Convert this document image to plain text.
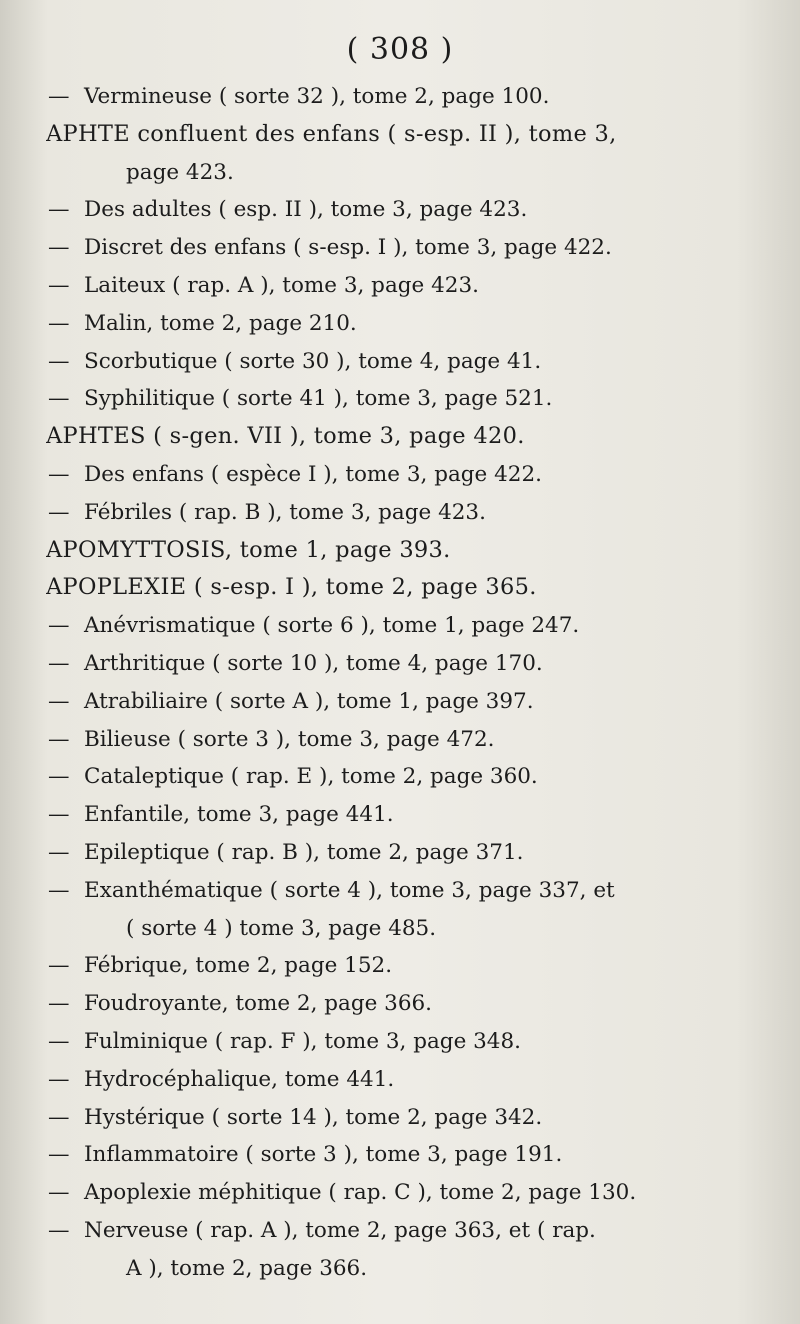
( 308 )
—Vermineuse ( sorte 32 ), tome 2, page 100.
APHTE confluent des enfans ( s-esp. II ), tome 3,
page 423.
—Des adultes ( esp. II ), tome 3, page 423.
—Discret des enfans ( s-esp. I ), tome 3, page 422.
—Laiteux ( rap. A ), tome 3, page 423.
—Malin, tome 2, page 210.
—Scorbutique ( sorte 30 ), tome 4, page 41.
—Syphilitique ( sorte 41 ), tome 3, page 521.
APHTES ( s-gen. VII ), tome 3, page 420.
—Des enfans ( espèce I ), tome 3, page 422.
—Fébriles ( rap. B ), tome 3, page 423.
APOMYTTOSIS, tome 1, page 393.
APOPLEXIE ( s-esp. I ), tome 2, page 365.
—Anévrismatique ( sorte 6 ), tome 1, page 247.
—Arthritique ( sorte 10 ), tome 4, page 170.
—Atrabiliaire ( sorte A ), tome 1, page 397.
—Bilieuse ( sorte 3 ), tome 3, page 472.
—Cataleptique ( rap. E ), tome 2, page 360.
—Enfantile, tome 3, page 441.
—Epileptique ( rap. B ), tome 2, page 371.
—Exanthématique ( sorte 4 ), tome 3, page 337, et
( sorte 4 ) tome 3, page 485.
—Fébrique, tome 2, page 152.
—Foudroyante, tome 2, page 366.
—Fulminique ( rap. F ), tome 3, page 348.
—Hydrocéphalique, tome 441.
—Hystérique ( sorte 14 ), tome 2, page 342.
—Inflammatoire ( sorte 3 ), tome 3, page 191.
—Apoplexie méphitique ( rap. C ), tome 2, page 130.
—Nerveuse ( rap. A ), tome 2, page 363, et ( rap.
A ), tome 2, page 366.
